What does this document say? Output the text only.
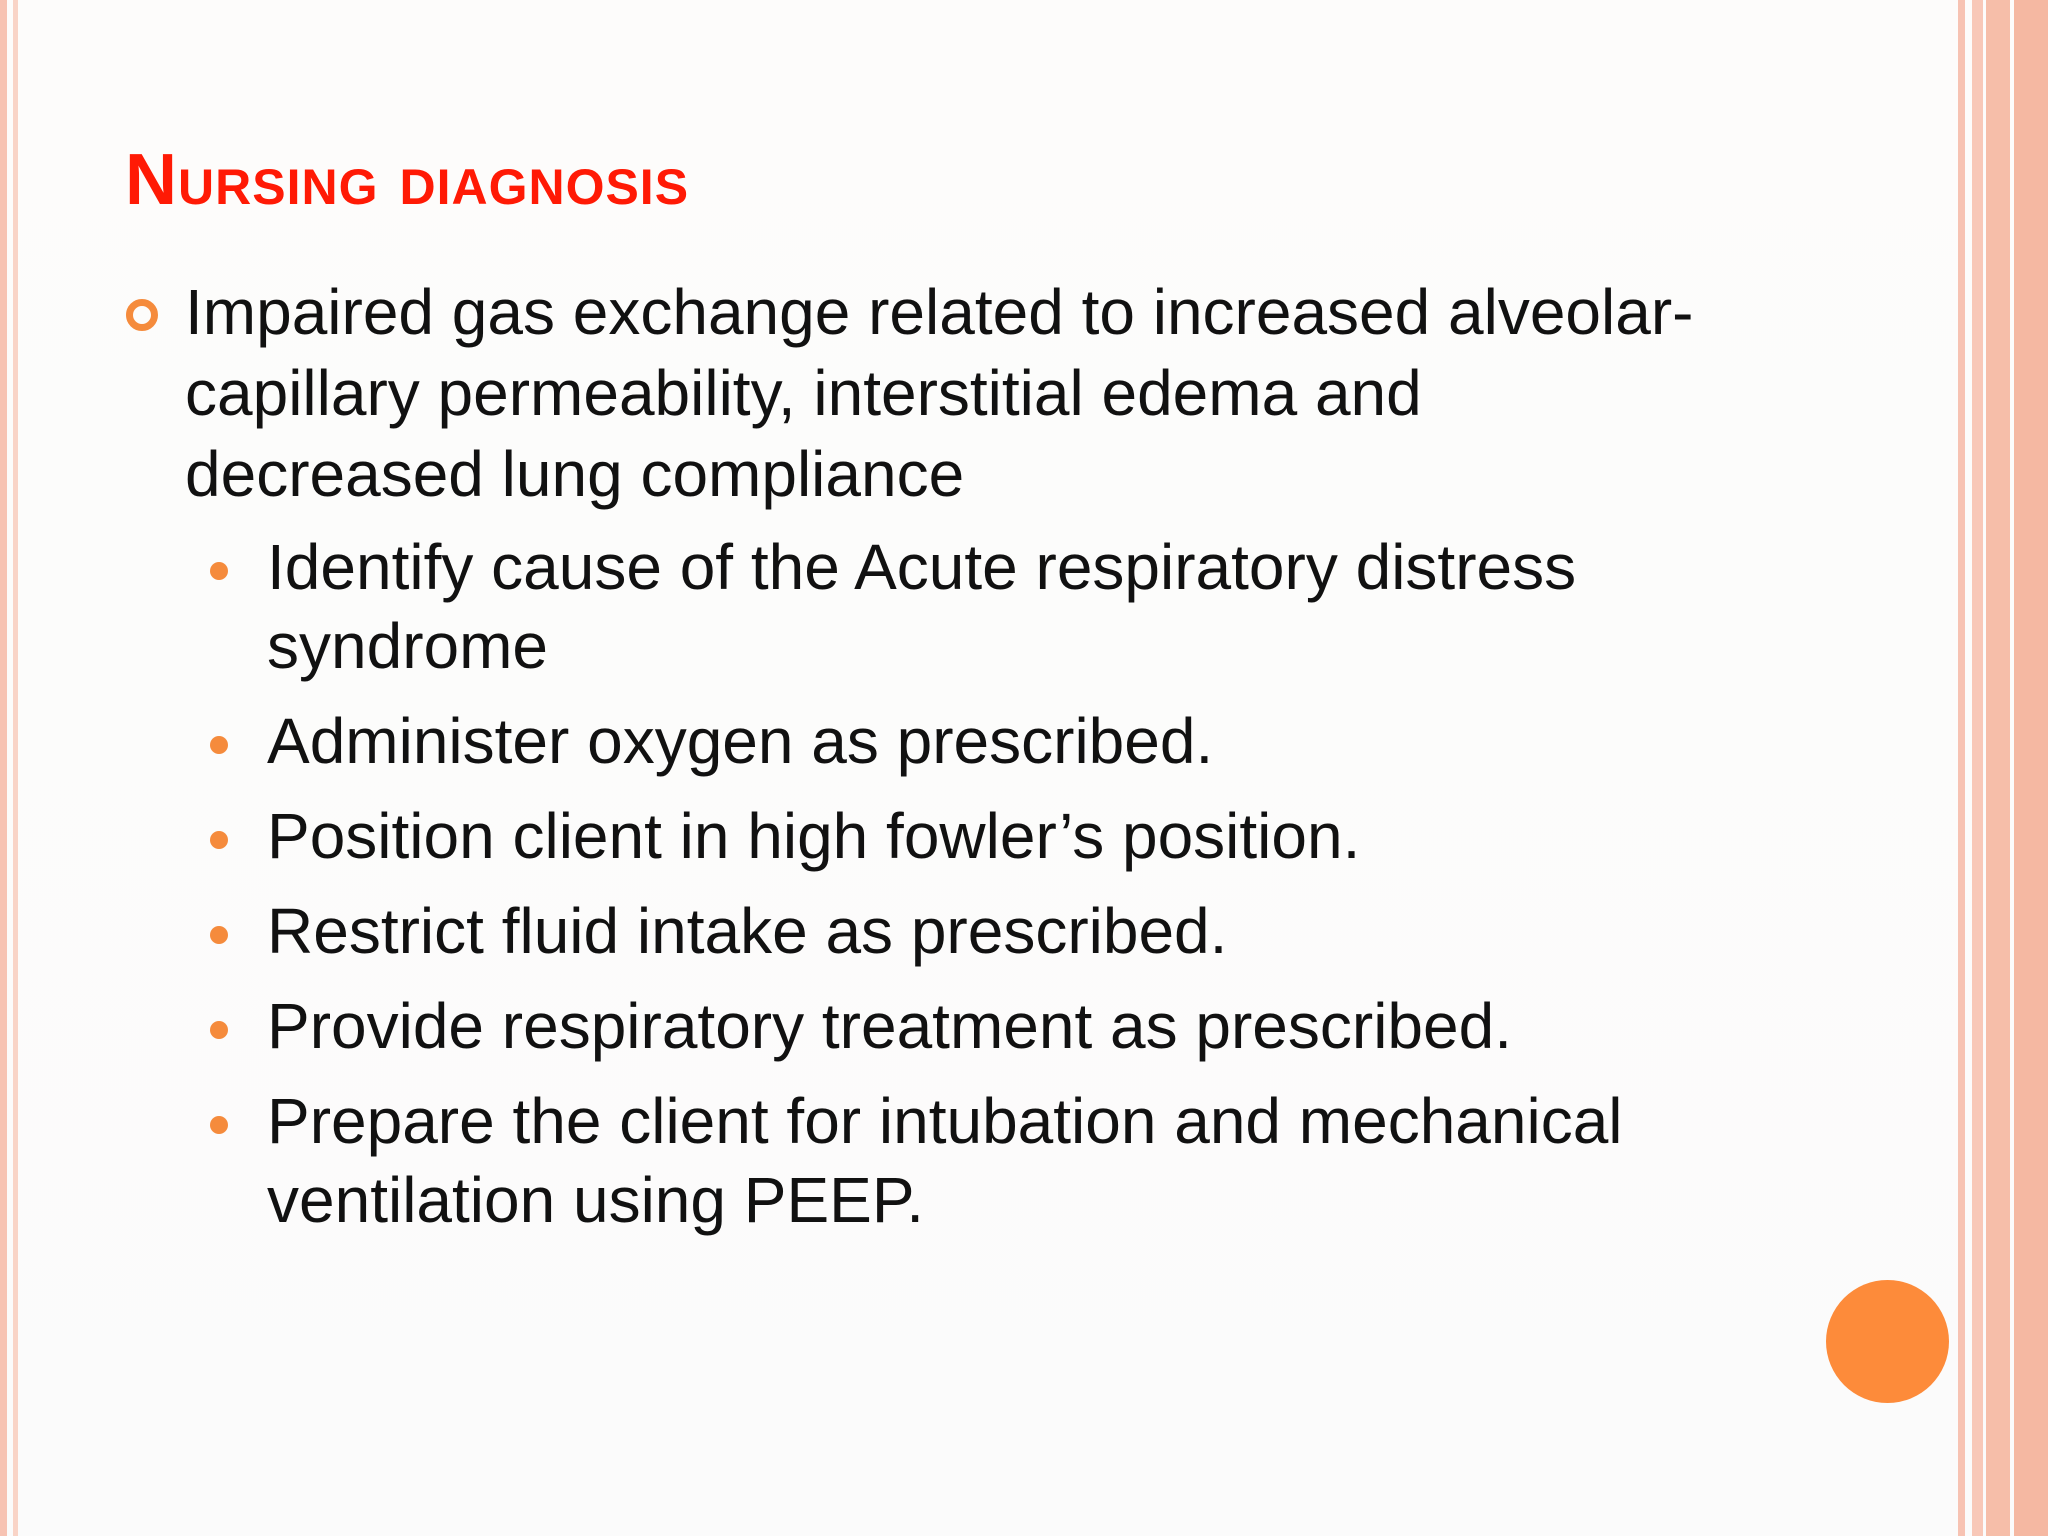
Nursing diagnosis
Impaired gas exchange related to increased alveolar-capillary permeability, interstitial edema and decreased lung compliance
Identify cause of the Acute respiratory distress syndrome
Administer oxygen as prescribed.
Position client in high fowler’s position.
Restrict fluid intake as prescribed.
Provide respiratory treatment as prescribed.
Prepare the client for intubation and mechanical ventilation using PEEP.
